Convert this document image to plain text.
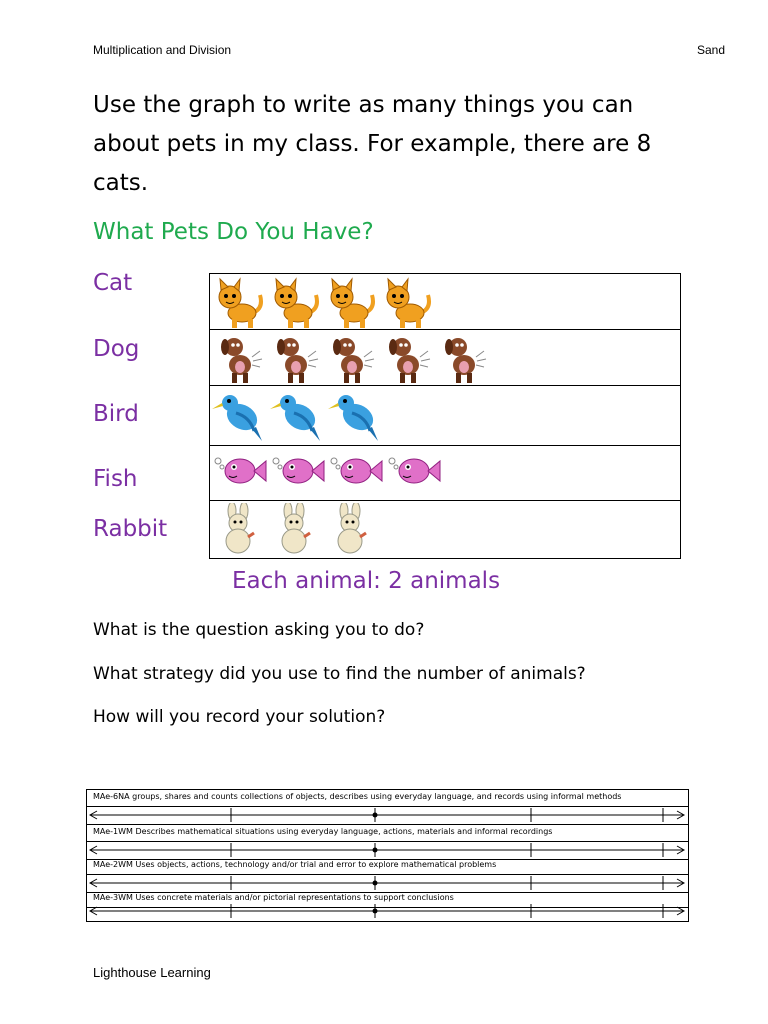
Multiplication and Division	Sand
Use the graph to write as many things you can about pets in my class. For example, there are 8 cats.
What Pets Do You Have?
Cat
Dog
Bird
Fish
Rabbit
Each animal: 2 animals
What is the question asking you to do?
What strategy did you use to find the number of animals?
How will you record your solution?
MAe-6NA groups, shares and counts collections of objects, describes using everyday language, and records using informal methods
MAe-1WM Describes mathematical situations using everyday language, actions, materials and informal recordings
MAe-2WM Uses objects, actions, technology and/or trial and error to explore mathematical problems
MAe-3WM Uses concrete materials and/or pictorial representations to support conclusions
Lighthouse Learning
